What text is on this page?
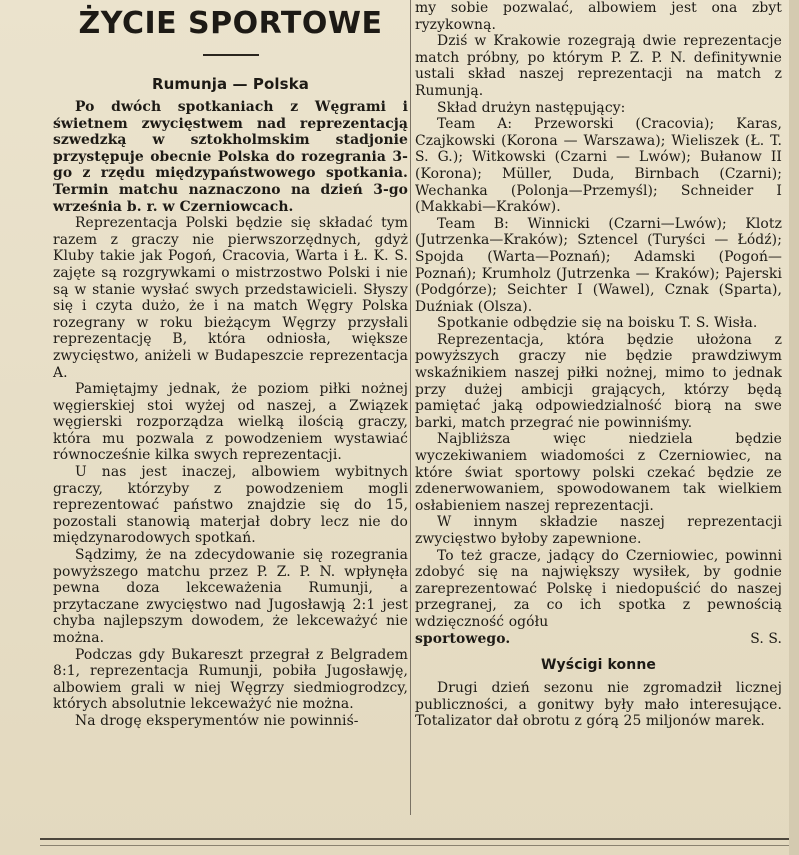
ŻYCIE SPORTOWE
Rumunja — Polska

Po dwóch spotkaniach z Węgrami i świetnem zwycięstwem nad reprezentacją szwedzką w sztokholmskim stadjonie przystępuje obecnie Polska do rozegrania 3-go z rzędu międzypaństwowego spotkania. Termin matchu naznaczono na dzień 3-go września b. r. w Czerniowcach.

Reprezentacja Polski będzie się składać tym razem z graczy nie pierwszorzędnych, gdyż Kluby takie jak Pogoń, Cracovia, Warta i Ł. K. S. zajęte są rozgrywkami o mistrzostwo Polski i nie są w stanie wysłać swych przedstawicieli. Słyszy się i czyta dużo, że i na match Węgry Polska rozegrany w roku bieżącym Węgrzy przysłali reprezentację B, która odniosła, większe zwycięstwo, aniżeli w Budapeszcie reprezentacja A.

Pamiętajmy jednak, że poziom piłki nożnej węgierskiej stoi wyżej od naszej, a Związek węgierski rozporządza wielką ilością graczy, która mu pozwala z powodzeniem wystawiać równocześnie kilka swych reprezentacji.

U nas jest inaczej, albowiem wybitnych graczy, którzyby z powodzeniem mogli reprezentować państwo znajdzie się do 15, pozostali stanowią materjał dobry lecz nie do międzynarodowych spotkań.

Sądzimy, że na zdecydowanie się rozegrania powyższego matchu przez P. Z. P. N. wpłynęła pewna doza lekceważenia Rumunji, a przytaczane zwycięstwo nad Jugosławją 2:1 jest chyba najlepszym dowodem, że lekceważyć nie można.

Podczas gdy Bukareszt przegrał z Belgradem 8:1, reprezentacja Rumunji, pobiła Jugosławję, albowiem grali w niej Węgrzy siedmiogrodzcy, których absolutnie lekceważyć nie można.

Na drogę eksperymentów nie powinniś-

my sobie pozwalać, albowiem jest ona zbyt ryzykowną.

Dziś w Krakowie rozegrają dwie reprezentacje match próbny, po którym P. Z. P. N. definitywnie ustali skład naszej reprezentacji na match z Rumunją.

Skład drużyn następujący:

Team A: Przeworski (Cracovia); Karas, Czajkowski (Korona — Warszawa); Wieliszek (Ł. T. S. G.); Witkowski (Czarni — Lwów); Bułanow II (Korona); Müller, Duda, Birnbach (Czarni); Wechanka (Polonja—Przemyśl); Schneider I (Makkabi—Kraków).

Team B: Winnicki (Czarni—Lwów); Klotz (Jutrzenka—Kraków); Sztencel (Turyści — Łódź); Spojda (Warta—Poznań); Adamski (Pogoń—Poznań); Krumholz (Jutrzenka — Kraków); Pajerski (Podgórze); Seichter I (Wawel), Cznak (Sparta), Duźniak (Olsza).

Spotkanie odbędzie się na boisku T. S. Wisła.

Reprezentacja, która będzie ułożona z powyższych graczy nie będzie prawdziwym wskaźnikiem naszej piłki nożnej, mimo to jednak przy dużej ambicji grających, którzy będą pamiętać jaką odpowiedzialność biorą na swe barki, match przegrać nie powinniśmy.

Najbliższa więc niedziela będzie wyczekiwaniem wiadomości z Czerniowiec, na które świat sportowy polski czekać będzie ze zdenerwowaniem, spowodowanem tak wielkiem osłabieniem naszej reprezentacji.

W innym składzie naszej reprezentacji zwycięstwo byłoby zapewnione.

To też gracze, jadący do Czerniowiec, powinni zdobyć się na największy wysiłek, by godnie zareprezentować Polskę i niedopuścić do naszej przegranej, za co ich spotka z pewnością wdzięczność ogółu

sportowego.	S. S.
Wyścigi konne

Drugi dzień sezonu nie zgromadził licznej publiczności, a gonitwy były mało interesujące. Totalizator dał obrotu z górą 25 miljonów marek.
